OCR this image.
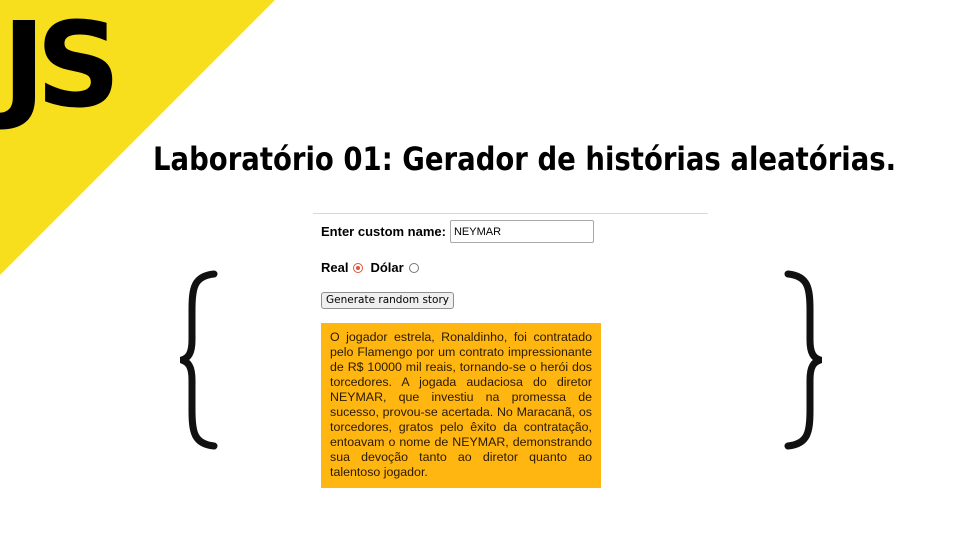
JS
Laboratório 01: Gerador de histórias aleatórias.
Enter custom name:
NEYMAR
Real Dólar
Generate random story
O jogador estrela, Ronaldinho, foi contratado pelo Flamengo por um contrato impressionante de R$ 10000 mil reais, tornando-se o herói dos torcedores. A jogada audaciosa do diretor NEYMAR, que investiu na promessa de sucesso, provou-se acertada. No Maracanã, os torcedores, gratos pelo êxito da contratação, entoavam o nome de NEYMAR, demonstrando sua devoção tanto ao diretor quanto ao talentoso jogador.
